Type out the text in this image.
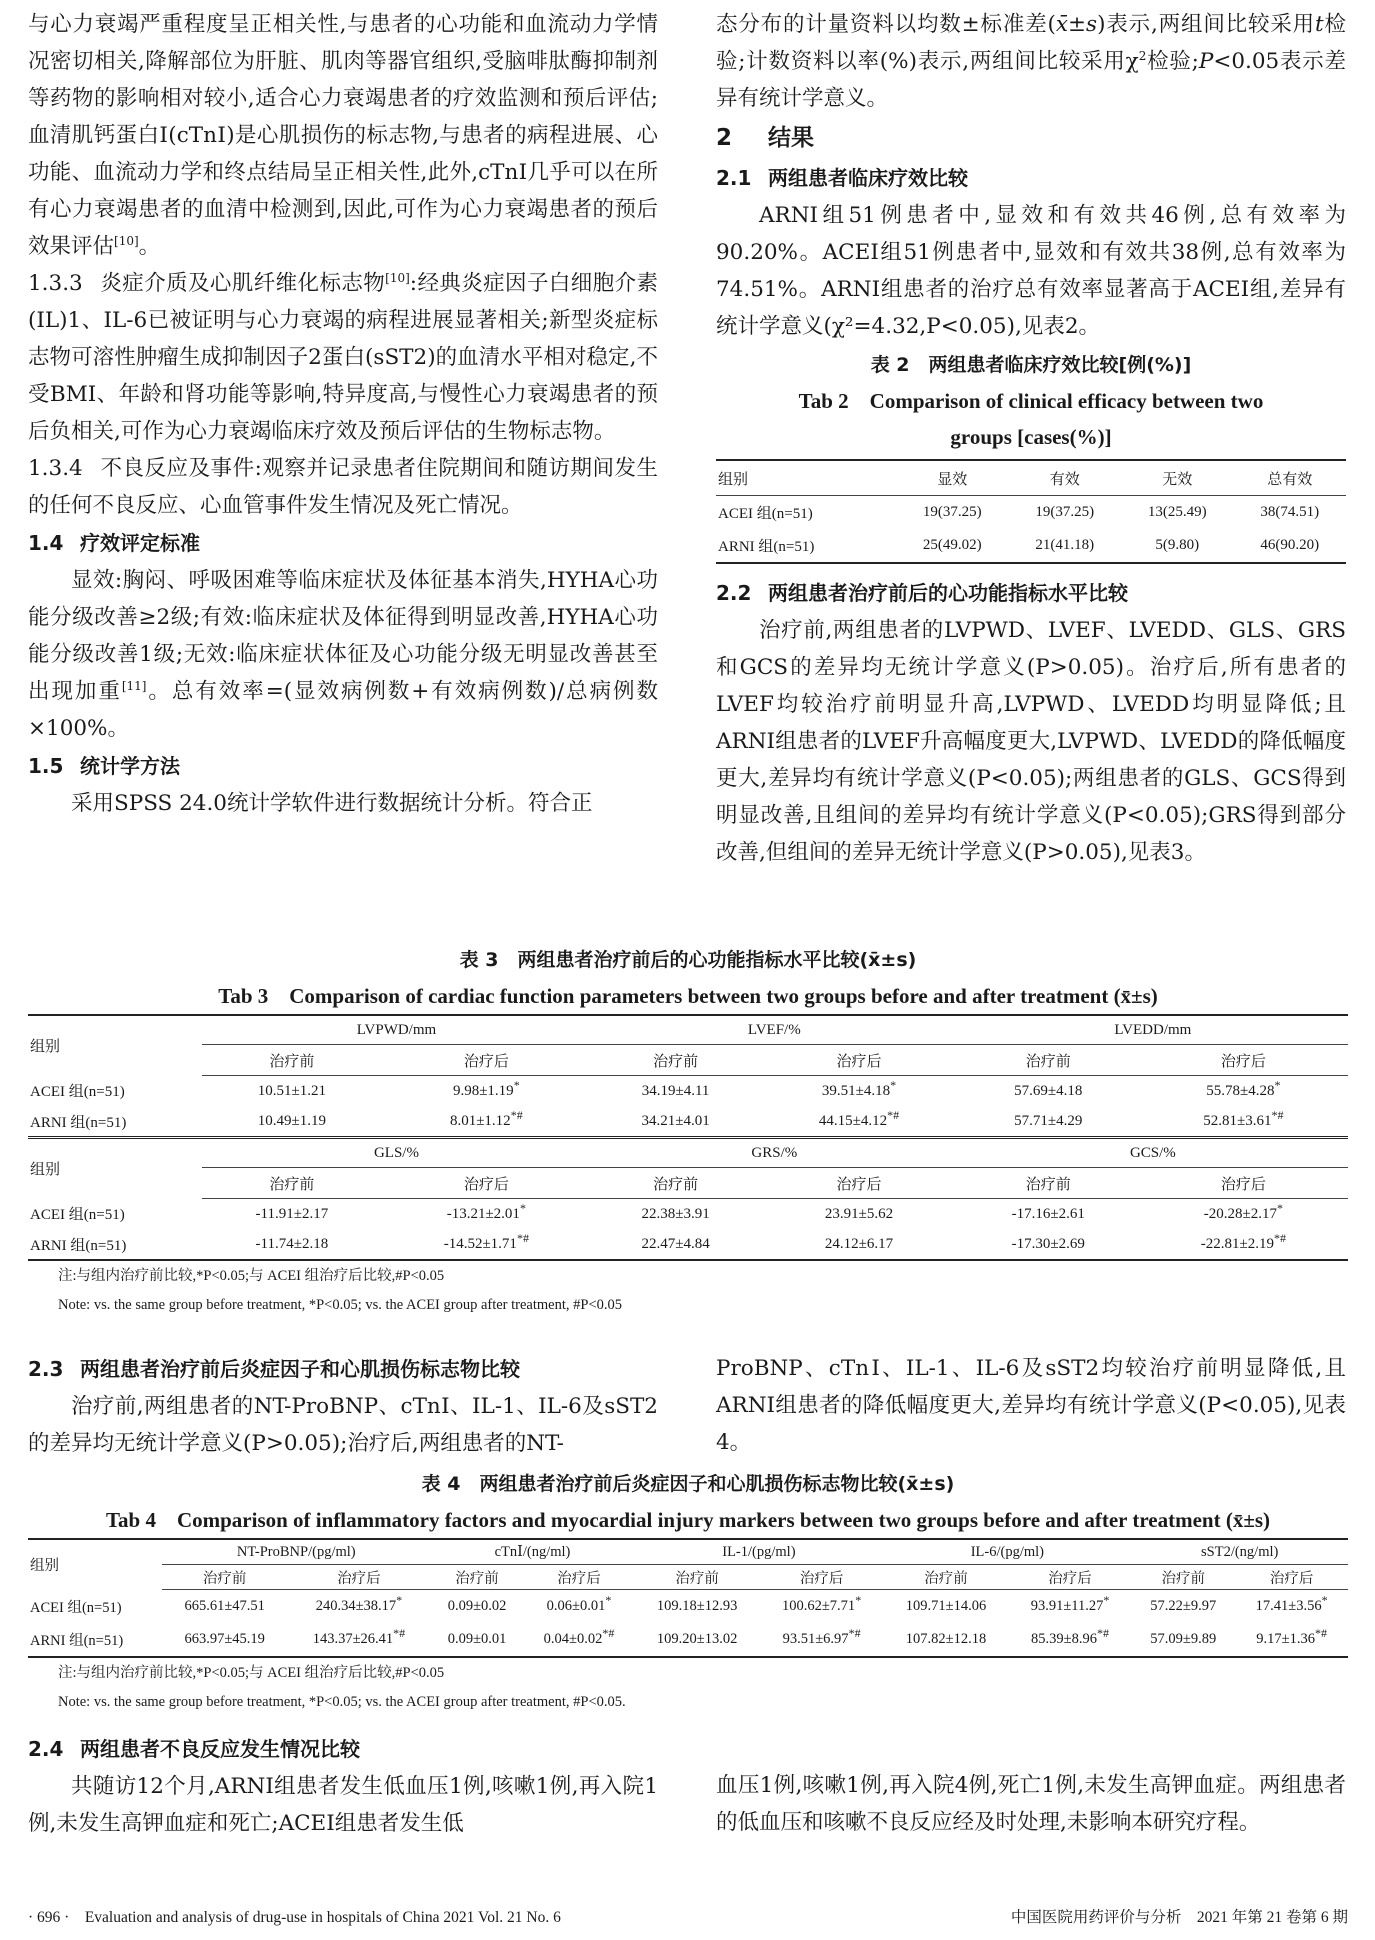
与心力衰竭严重程度呈正相关性,与患者的心功能和血流动力学情况密切相关,降解部位为肝脏、肌肉等器官组织,受脑啡肽酶抑制剂等药物的影响相对较小,适合心力衰竭患者的疗效监测和预后评估;血清肌钙蛋白Ⅰ(cTnⅠ)是心肌损伤的标志物,与患者的病程进展、心功能、血流动力学和终点结局呈正相关性,此外,cTnⅠ几乎可以在所有心力衰竭患者的血清中检测到,因此,可作为心力衰竭患者的预后效果评估[10]。

1.3.3 炎症介质及心肌纤维化标志物[10]:经典炎症因子白细胞介素(IL)1、IL-6已被证明与心力衰竭的病程进展显著相关;新型炎症标志物可溶性肿瘤生成抑制因子2蛋白(sST2)的血清水平相对稳定,不受BMI、年龄和肾功能等影响,特异度高,与慢性心力衰竭患者的预后负相关,可作为心力衰竭临床疗效及预后评估的生物标志物。

1.3.4 不良反应及事件:观察并记录患者住院期间和随访期间发生的任何不良反应、心血管事件发生情况及死亡情况。

1.4 疗效评定标准

显效:胸闷、呼吸困难等临床症状及体征基本消失,HYHA心功能分级改善≥2级;有效:临床症状及体征得到明显改善,HYHA心功能分级改善1级;无效:临床症状体征及心功能分级无明显改善甚至出现加重[11]。总有效率=(显效病例数+有效病例数)/总病例数×100%。

1.5 统计学方法

采用SPSS 24.0统计学软件进行数据统计分析。符合正

态分布的计量资料以均数±标准差(x̄±s)表示,两组间比较采用t检验;计数资料以率(%)表示,两组间比较采用$\chi^2$检验;P<0.05表示差异有统计学意义。

2 结果

2.1 两组患者临床疗效比较

ARNI组51例患者中,显效和有效共46例,总有效率为90.20%。ACEI组51例患者中,显效和有效共38例,总有效率为74.51%。ARNI组患者的治疗总有效率显著高于ACEI组,差异有统计学意义(χ²=4.32,P<0.05),见表2。

表 2　两组患者临床疗效比较[例(%)]

Tab 2　Comparison of clinical efficacy between two

groups [cases(%)]

组别	显效	有效	无效	总有效
ACEI 组(n=51)	19(37.25)	19(37.25)	13(25.49)	38(74.51)
ARNI 组(n=51)	25(49.02)	21(41.18)	5(9.80)	46(90.20)

2.2 两组患者治疗前后的心功能指标水平比较

治疗前,两组患者的LVPWD、LVEF、LVEDD、GLS、GRS和GCS的差异均无统计学意义(P>0.05)。治疗后,所有患者的LVEF均较治疗前明显升高,LVPWD、LVEDD均明显降低;且ARNI组患者的LVEF升高幅度更大,LVPWD、LVEDD的降低幅度更大,差异均有统计学意义(P<0.05);两组患者的GLS、GCS得到明显改善,且组间的差异均有统计学意义(P<0.05);GRS得到部分改善,但组间的差异无统计学意义(P>0.05),见表3。

表 3　两组患者治疗前后的心功能指标水平比较(x̄±s)

Tab 3　Comparison of cardiac function parameters between two groups before and after treatment (x̄±s)

组别	LVPWD/mm		LVEF/%		LVEDD/mm	
	治疗前	治疗后	治疗前	治疗后	治疗前	治疗后
ACEI 组(n=51)	10.51±1.21	9.98±1.19*	34.19±4.11	39.51±4.18*	57.69±4.18	55.78±4.28*
ARNI 组(n=51)	10.49±1.19	8.01±1.12*#	34.21±4.01	44.15±4.12*#	57.71±4.29	52.81±3.61*#
组别	GLS/%		GRS/%		GCS/%	
	治疗前	治疗后	治疗前	治疗后	治疗前	治疗后
ACEI 组(n=51)	-11.91±2.17	-13.21±2.01*	22.38±3.91	23.91±5.62	-17.16±2.61	-20.28±2.17*
ARNI 组(n=51)	-11.74±2.18	-14.52±1.71*#	22.47±4.84	24.12±6.17	-17.30±2.69	-22.81±2.19*#

注:与组内治疗前比较,*P<0.05;与 ACEI 组治疗后比较,#P<0.05

Note: vs. the same group before treatment, *P<0.05; vs. the ACEI group after treatment, #P<0.05

2.3 两组患者治疗前后炎症因子和心肌损伤标志物比较

治疗前,两组患者的NT-ProBNP、cTnⅠ、IL-1、IL-6及sST2的差异均无统计学意义(P>0.05);治疗后,两组患者的NT-

ProBNP、cTnⅠ、IL-1、IL-6及sST2均较治疗前明显降低,且ARNI组患者的降低幅度更大,差异均有统计学意义(P<0.05),见表4。

表 4　两组患者治疗前后炎症因子和心肌损伤标志物比较(x̄±s)

Tab 4　Comparison of inflammatory factors and myocardial injury markers between two groups before and after treatment (x̄±s)

组别	NT-ProBNP/(pg/ml)		cTnⅠ/(ng/ml)		IL-1/(pg/ml)		IL-6/(pg/ml)		sST2/(ng/ml)	
	治疗前	治疗后	治疗前	治疗后	治疗前	治疗后	治疗前	治疗后	治疗前	治疗后
ACEI 组(n=51)	665.61±47.51	240.34±38.17*	0.09±0.02	0.06±0.01*	109.18±12.93	100.62±7.71*	109.71±14.06	93.91±11.27*	57.22±9.97	17.41±3.56*
ARNI 组(n=51)	663.97±45.19	143.37±26.41*#	0.09±0.01	0.04±0.02*#	109.20±13.02	93.51±6.97*#	107.82±12.18	85.39±8.96*#	57.09±9.89	9.17±1.36*#

注:与组内治疗前比较,*P<0.05;与 ACEI 组治疗后比较,#P<0.05

Note: vs. the same group before treatment, *P<0.05; vs. the ACEI group after treatment, #P<0.05.

2.4 两组患者不良反应发生情况比较

共随访12个月,ARNI组患者发生低血压1例,咳嗽1例,再入院1例,未发生高钾血症和死亡;ACEI组患者发生低

血压1例,咳嗽1例,再入院4例,死亡1例,未发生高钾血症。两组患者的低血压和咳嗽不良反应经及时处理,未影响本研究疗程。

· 696 ·　Evaluation and analysis of drug-use in hospitals of China 2021 Vol. 21 No. 6	中国医院用药评价与分析　2021 年第 21 卷第 6 期
